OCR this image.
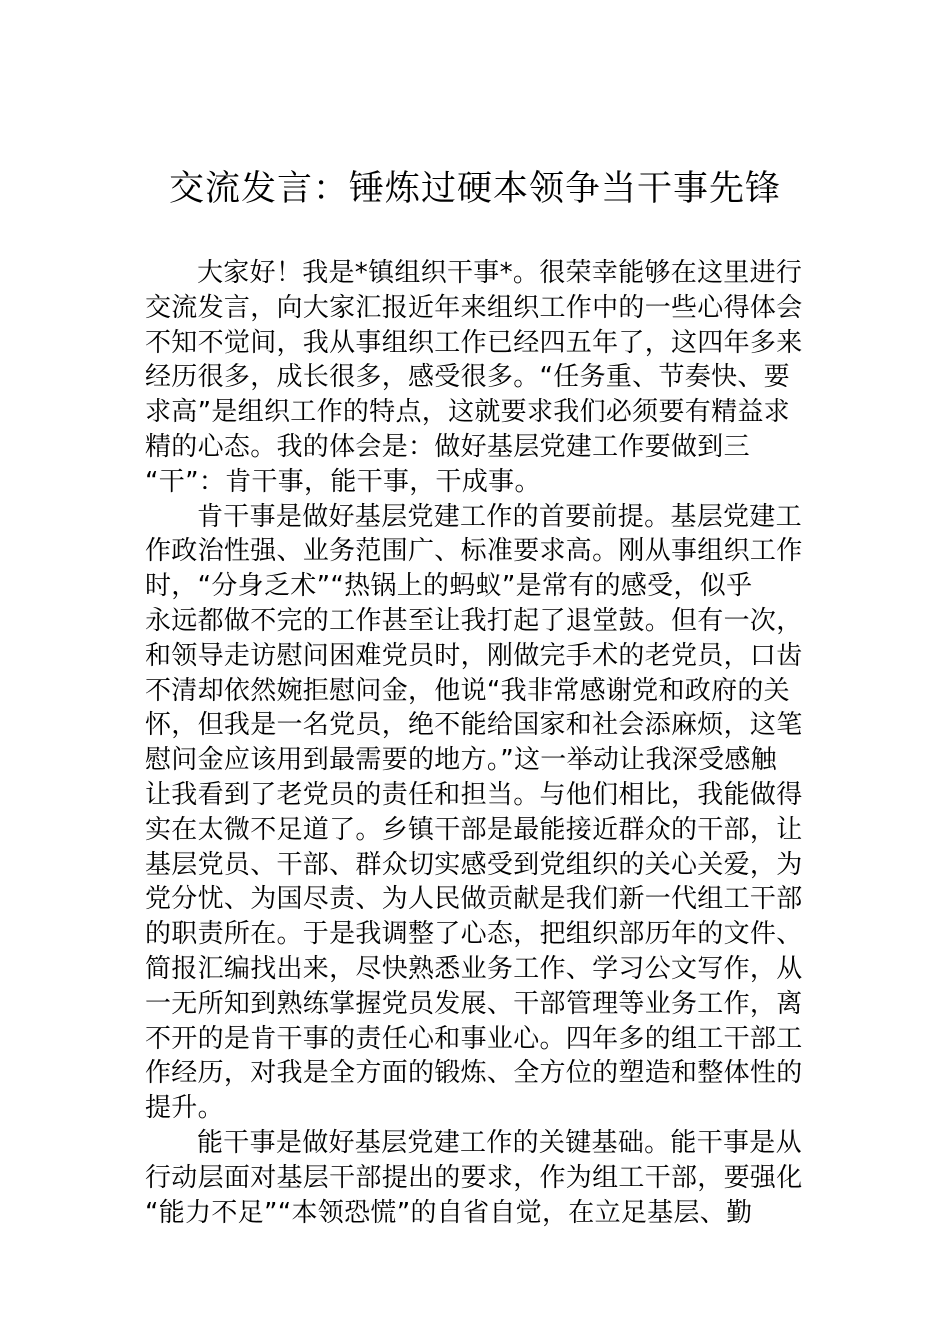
交流发言：锤炼过硬本领争当干事先锋
大家好！我是*镇组织干事*。很荣幸能够在这里进行
交流发言，向大家汇报近年来组织工作中的一些心得体会
不知不觉间，我从事组织工作已经四五年了，这四年多来
经历很多，成长很多，感受很多。“任务重、节奏快、要
求高”是组织工作的特点，这就要求我们必须要有精益求
精的心态。我的体会是：做好基层党建工作要做到三
“干”：肯干事，能干事，干成事。
肯干事是做好基层党建工作的首要前提。基层党建工
作政治性强、业务范围广、标准要求高。刚从事组织工作
时，“分身乏术”“热锅上的蚂蚁”是常有的感受，似乎
永远都做不完的工作甚至让我打起了退堂鼓。但有一次，
和领导走访慰问困难党员时，刚做完手术的老党员，口齿
不清却依然婉拒慰问金，他说“我非常感谢党和政府的关
怀，但我是一名党员，绝不能给国家和社会添麻烦，这笔
慰问金应该用到最需要的地方。”这一举动让我深受感触
让我看到了老党员的责任和担当。与他们相比，我能做得
实在太微不足道了。乡镇干部是最能接近群众的干部，让
基层党员、干部、群众切实感受到党组织的关心关爱，为
党分忧、为国尽责、为人民做贡献是我们新一代组工干部
的职责所在。于是我调整了心态，把组织部历年的文件、
简报汇编找出来，尽快熟悉业务工作、学习公文写作，从
一无所知到熟练掌握党员发展、干部管理等业务工作，离
不开的是肯干事的责任心和事业心。四年多的组工干部工
作经历，对我是全方面的锻炼、全方位的塑造和整体性的
提升。
能干事是做好基层党建工作的关键基础。能干事是从
行动层面对基层干部提出的要求，作为组工干部，要强化
“能力不足”“本领恐慌”的自省自觉，在立足基层、勤
